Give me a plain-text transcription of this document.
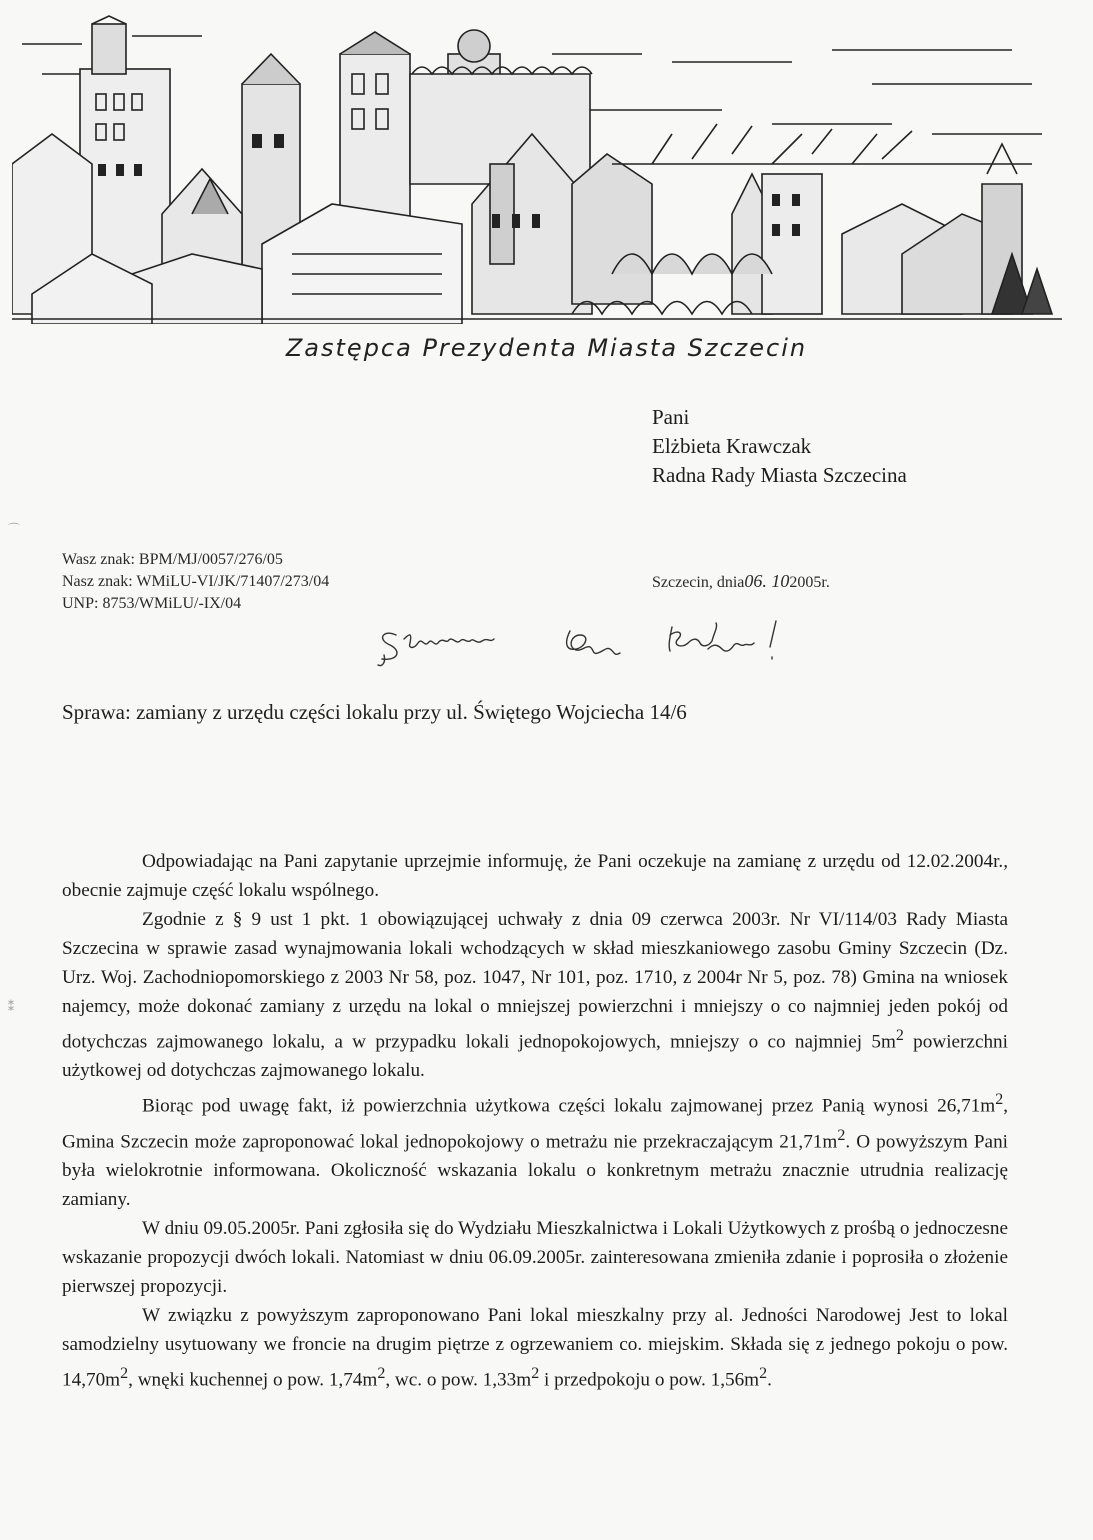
Zastępca Prezydenta Miasta Szczecin
Pani
Elżbieta Krawczak
Radna Rady Miasta Szczecina
⌒
Wasz znak: BPM/MJ/0057/276/05
Nasz znak: WMiLU-VI/JK/71407/273/04
UNP: 8753/WMiLU/-IX/04
Szczecin, dnia06. 102005r.
Sprawa: zamiany z urzędu części lokalu przy ul. Świętego Wojciecha 14/6
⁑

Odpowiadając na Pani zapytanie uprzejmie informuję, że Pani oczekuje na zamianę z urzędu od 12.02.2004r., obecnie zajmuje część lokalu wspólnego.

Zgodnie z § 9 ust 1 pkt. 1 obowiązującej uchwały z dnia 09 czerwca 2003r. Nr VI/114/03 Rady Miasta Szczecina w sprawie zasad wynajmowania lokali wchodzących w skład mieszkaniowego zasobu Gminy Szczecin (Dz. Urz. Woj. Zachodniopomorskiego z 2003 Nr 58, poz. 1047, Nr 101, poz. 1710, z 2004r Nr 5, poz. 78) Gmina na wniosek najemcy, może dokonać zamiany z urzędu na lokal o mniejszej powierzchni i mniejszy o co najmniej jeden pokój od dotychczas zajmowanego lokalu, a w przypadku lokali jednopokojowych, mniejszy o co najmniej $5m^2$ powierzchni użytkowej od dotychczas zajmowanego lokalu.

Biorąc pod uwagę fakt, iż powierzchnia użytkowa części lokalu zajmowanej przez Panią wynosi $26,71m^2$, Gmina Szczecin może zaproponować lokal jednopokojowy o metrażu nie przekraczającym $21,71m^2$. O powyższym Pani była wielokrotnie informowana. Okoliczność wskazania lokalu o konkretnym metrażu znacznie utrudnia realizację zamiany.

W dniu 09.05.2005r. Pani zgłosiła się do Wydziału Mieszkalnictwa i Lokali Użytkowych z prośbą o jednoczesne wskazanie propozycji dwóch lokali. Natomiast w dniu 06.09.2005r. zainteresowana zmieniła zdanie i poprosiła o złożenie pierwszej propozycji.

W związku z powyższym zaproponowano Pani lokal mieszkalny przy al. Jedności Narodowej Jest to lokal samodzielny usytuowany we froncie na drugim piętrze z ogrzewaniem co. miejskim. Składa się z jednego pokoju o pow. $14,70m^2$, wnęki kuchennej o pow. $1,74m^2$, wc. o pow. $1,33m^2$ i przedpokoju o pow. $1,56m^2$.
